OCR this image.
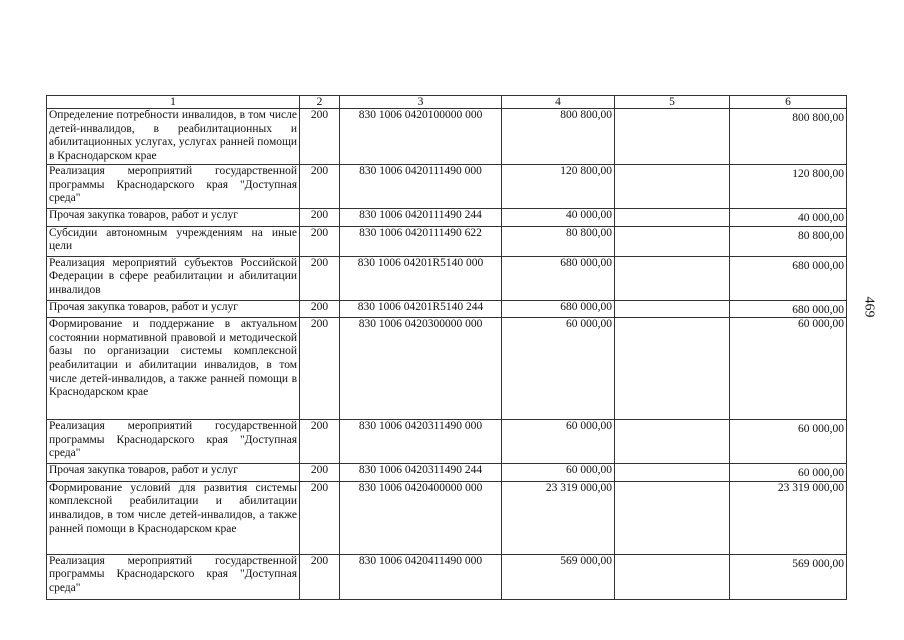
1	2	3	4	5	6
Определение потребности инвалидов, в том числе детей-инвалидов, в реабилитационных и абилитационных услугах, услугах ранней помощи в Краснодарском крае	200	830 1006 0420100000 000	800 800,00		800 800,00

Реализация мероприятий государственной программы Краснодарского края "Доступная среда"	200	830 1006 0420111490 000	120 800,00		120 800,00

Прочая закупка товаров, работ и услуг	200	830 1006 0420111490 244	40 000,00		40 000,00

Субсидии автономным учреждениям на иные цели	200	830 1006 0420111490 622	80 800,00		80 800,00

Реализация мероприятий субъектов Российской Федерации в сфере реабилитации и абилитации инвалидов	200	830 1006 04201R5140 000	680 000,00		680 000,00

Прочая закупка товаров, работ и услуг	200	830 1006 04201R5140 244	680 000,00		680 000,00

Формирование и поддержание в актуальном состоянии нормативной правовой и методической базы по организации системы комплексной реабилитации и абилитации инвалидов, в том числе детей-инвалидов, а также ранней помощи в Краснодарском крае	200	830 1006 0420300000 000	60 000,00		60 000,00
Реализация мероприятий государственной программы Краснодарского края "Доступная среда"	200	830 1006 0420311490 000	60 000,00		60 000,00

Прочая закупка товаров, работ и услуг	200	830 1006 0420311490 244	60 000,00		60 000,00

Формирование условий для развития системы комплексной реабилитации и абилитации инвалидов, в том числе детей-инвалидов, а также ранней помощи в Краснодарском крае	200	830 1006 0420400000 000	23 319 000,00		23 319 000,00
Реализация мероприятий государственной программы Краснодарского края "Доступная среда"	200	830 1006 0420411490 000	569 000,00		569 000,00
469
